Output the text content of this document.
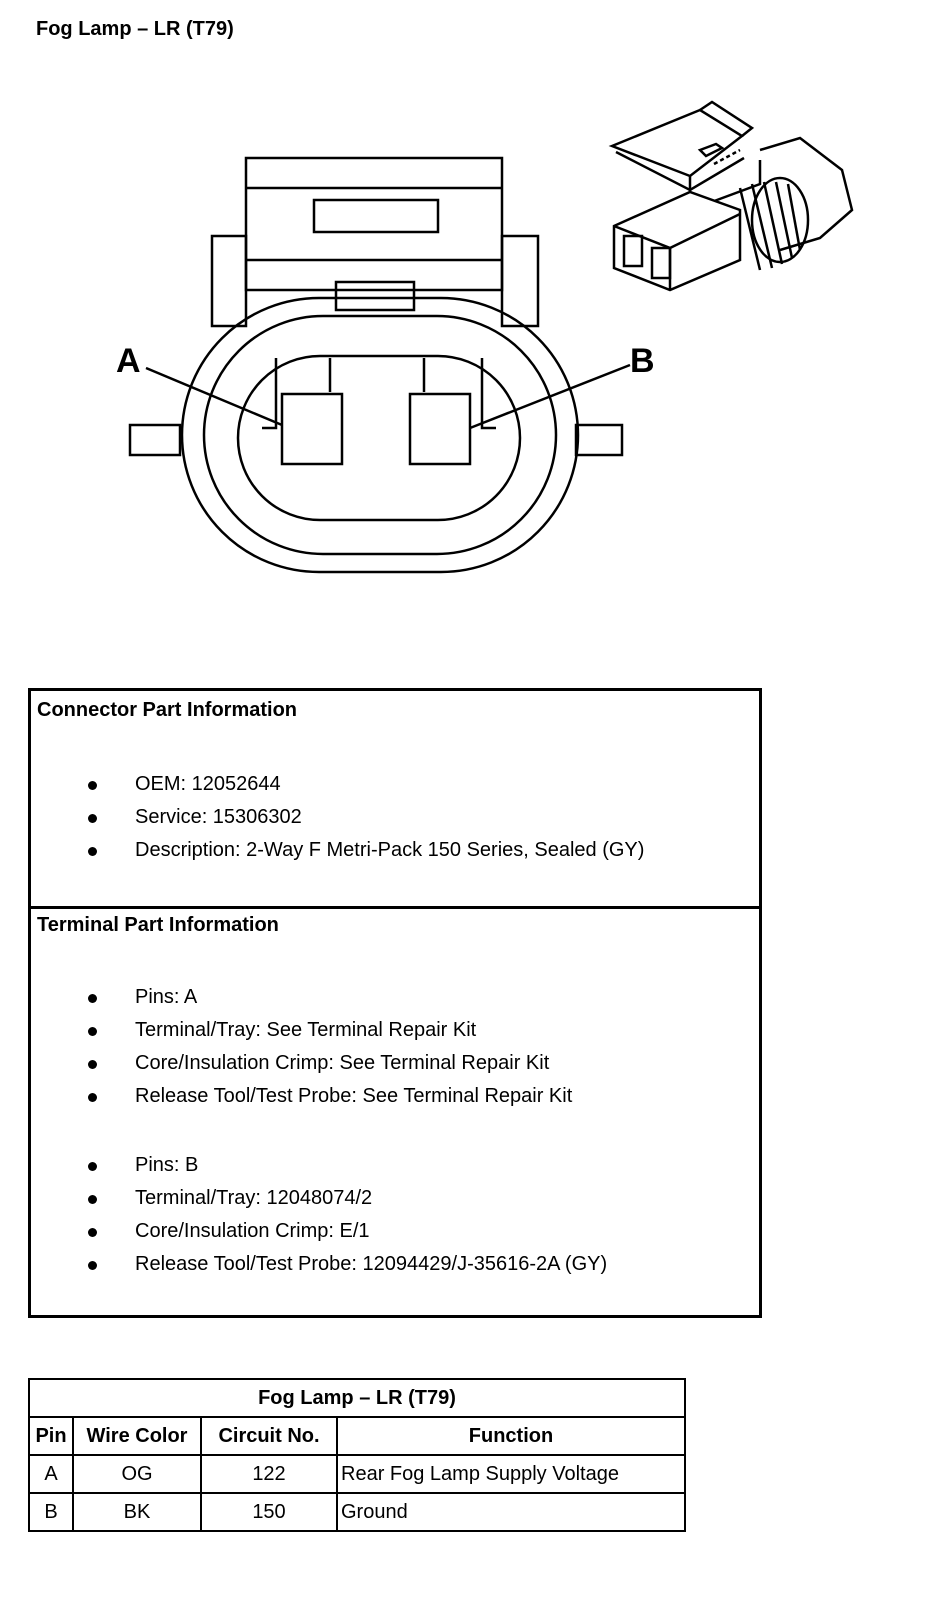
Fog Lamp – LR (T79)
A	B
Connector Part Information
OEM: 12052644
Service: 15306302
Description: 2-Way F Metri-Pack 150 Series, Sealed (GY)
Terminal Part Information
Pins: A
Terminal/Tray: See Terminal Repair Kit
Core/Insulation Crimp: See Terminal Repair Kit
Release Tool/Test Probe: See Terminal Repair Kit
Pins: B
Terminal/Tray: 12048074/2
Core/Insulation Crimp: E/1
Release Tool/Test Probe: 12094429/J-35616-2A (GY)
Fog Lamp – LR (T79)			
Pin	Wire Color	Circuit No.	Function
A	OG	122	Rear Fog Lamp Supply Voltage
B	BK	150	Ground
